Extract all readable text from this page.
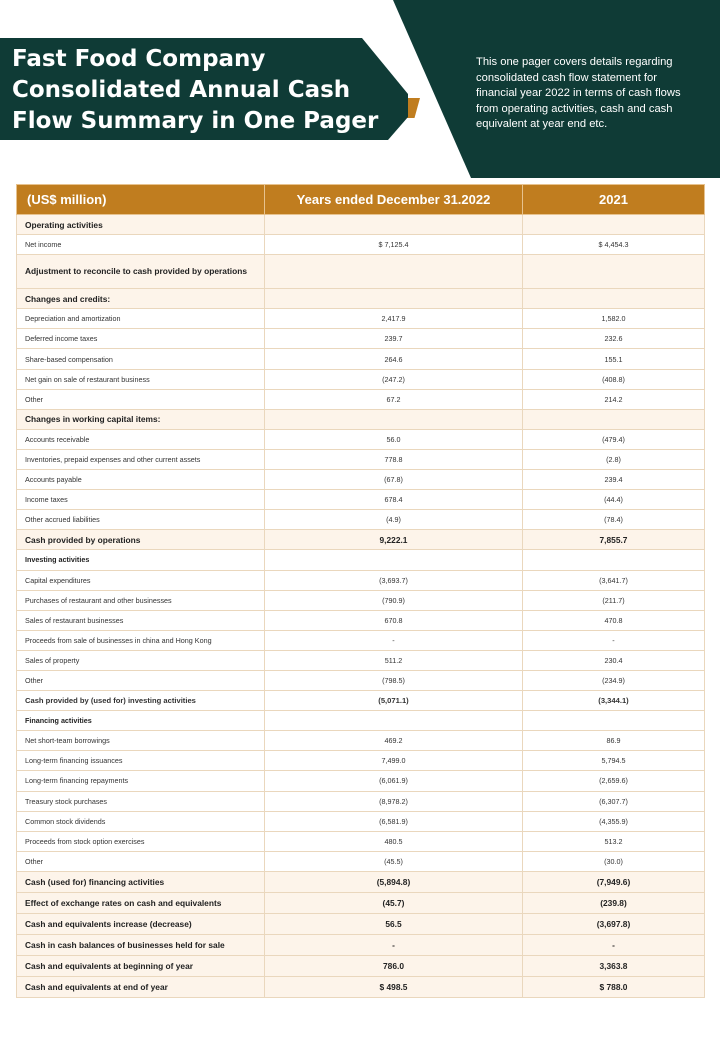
Fast Food Company Consolidated Annual Cash Flow Summary in One Pager

This one pager covers details regarding consolidated cash flow statement for financial year 2022 in terms of cash flows from operating activities, cash and cash equivalent at year end etc.

(US$ million)	Years ended December 31.2022	2021
Operating activities		
Net income	$ 7,125.4	$ 4,454.3
Adjustment to reconcile to cash provided by operations		
Changes and credits:		
Depreciation and amortization	2,417.9	1,582.0
Deferred income taxes	239.7	232.6
Share-based compensation	264.6	155.1
Net gain on sale of restaurant business	(247.2)	(408.8)
Other	67.2	214.2
Changes in working capital items:		
Accounts receivable	56.0	(479.4)
Inventories, prepaid expenses and other current assets	778.8	(2.8)
Accounts payable	(67.8)	239.4
Income taxes	678.4	(44.4)
Other accrued liabilities	(4.9)	(78.4)
Cash provided by operations	9,222.1	7,855.7
Investing activities		
Capital expenditures	(3,693.7)	(3,641.7)
Purchases of restaurant and other businesses	(790.9)	(211.7)
Sales of restaurant businesses	670.8	470.8
Proceeds from sale of businesses in china and Hong Kong	-	-
Sales of property	511.2	230.4
Other	(798.5)	(234.9)
Cash provided by (used for) investing activities	(5,071.1)	(3,344.1)
Financing activities		
Net short-team borrowings	469.2	86.9
Long-term financing issuances	7,499.0	5,794.5
Long-term financing repayments	(6,061.9)	(2,659.6)
Treasury stock purchases	(8,978.2)	(6,307.7)
Common stock dividends	(6,581.9)	(4,355.9)
Proceeds from stock option exercises	480.5	513.2
Other	(45.5)	(30.0)
Cash (used for) financing activities	(5,894.8)	(7,949.6)
Effect of exchange rates on cash and equivalents	(45.7)	(239.8)
Cash and equivalents increase (decrease)	56.5	(3,697.8)
Cash in cash balances of businesses held for sale	-	-
Cash and equivalents at beginning of year	786.0	3,363.8
Cash and equivalents at end of year	$ 498.5	$ 788.0
